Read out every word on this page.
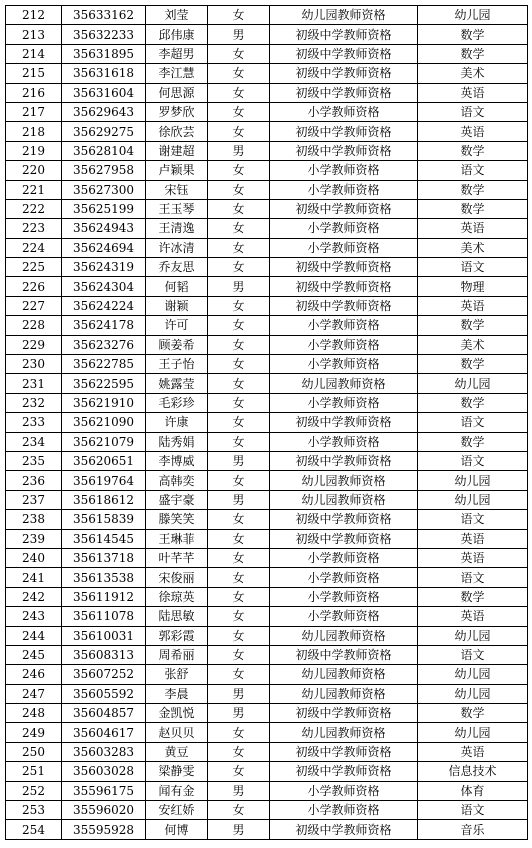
212	35633162	刘莹	女	幼儿园教师资格	幼儿园
213	35632233	邱伟康	男	初级中学教师资格	数学
214	35631895	李超男	女	初级中学教师资格	数学
215	35631618	李江慧	女	初级中学教师资格	美术
216	35631604	何思源	女	初级中学教师资格	英语
217	35629643	罗梦欣	女	小学教师资格	语文
218	35629275	徐欣芸	女	初级中学教师资格	英语
219	35628104	谢建超	男	初级中学教师资格	数学
220	35627958	卢颖果	女	小学教师资格	语文
221	35627300	宋钰	女	小学教师资格	数学
222	35625199	王玉琴	女	初级中学教师资格	数学
223	35624943	王清逸	女	小学教师资格	英语
224	35624694	许冰清	女	小学教师资格	美术
225	35624319	乔友思	女	初级中学教师资格	语文
226	35624304	何韬	男	初级中学教师资格	物理
227	35624224	谢颖	女	初级中学教师资格	英语
228	35624178	许可	女	小学教师资格	数学
229	35623276	顾姜希	女	小学教师资格	美术
230	35622785	王子怡	女	小学教师资格	数学
231	35622595	姚露莹	女	幼儿园教师资格	幼儿园
232	35621910	毛彩珍	女	小学教师资格	数学
233	35621090	许康	女	初级中学教师资格	语文
234	35621079	陆秀娟	女	小学教师资格	数学
235	35620651	李博威	男	初级中学教师资格	语文
236	35619764	高韩奕	女	幼儿园教师资格	幼儿园
237	35618612	盛宇豪	男	幼儿园教师资格	幼儿园
238	35615839	滕笑笑	女	初级中学教师资格	语文
239	35614545	王琳菲	女	初级中学教师资格	英语
240	35613718	叶芊芊	女	小学教师资格	英语
241	35613538	宋俊丽	女	小学教师资格	语文
242	35611912	徐琼英	女	小学教师资格	数学
243	35611078	陆思敏	女	小学教师资格	英语
244	35610031	郭彩霞	女	幼儿园教师资格	幼儿园
245	35608313	周希丽	女	初级中学教师资格	语文
246	35607252	张舒	女	幼儿园教师资格	幼儿园
247	35605592	李晨	男	幼儿园教师资格	幼儿园
248	35604857	金凯悦	男	初级中学教师资格	数学
249	35604617	赵贝贝	女	幼儿园教师资格	幼儿园
250	35603283	黄豆	女	初级中学教师资格	英语
251	35603028	梁静雯	女	初级中学教师资格	信息技术
252	35596175	闻有金	男	小学教师资格	体育
253	35596020	安红娇	女	小学教师资格	语文
254	35595928	何博	男	初级中学教师资格	音乐
